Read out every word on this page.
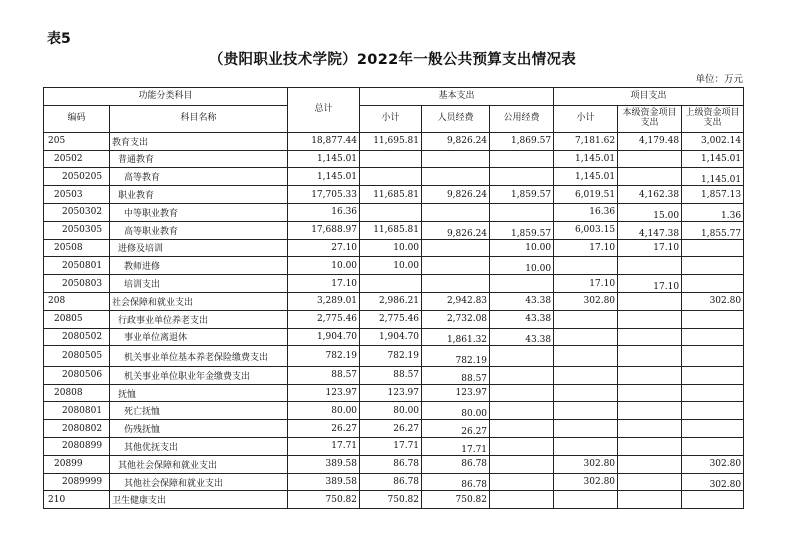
表5
（贵阳职业技术学院）2022年一般公共预算支出情况表
单位：万元
功能分类科目		总计	基本支出			项目支出		
编码	科目名称		小计	人员经费	公用经费	小计	本级资金项目支出	上级资金项目支出
205	教育支出	18,877.44	11,695.81	9,826.24	1,869.57	7,181.62	4,179.48	3,002.14
20502	普通教育	1,145.01				1,145.01		1,145.01
2050205	高等教育	1,145.01				1,145.01		1,145.01
20503	职业教育	17,705.33	11,685.81	9,826.24	1,859.57	6,019.51	4,162.38	1,857.13
2050302	中等职业教育	16.36				16.36	15.00	1.36
2050305	高等职业教育	17,688.97	11,685.81	9,826.24	1,859.57	6,003.15	4,147.38	1,855.77
20508	进修及培训	27.10	10.00		10.00	17.10	17.10	
2050801	教师进修	10.00	10.00		10.00			
2050803	培训支出	17.10				17.10	17.10	
208	社会保障和就业支出	3,289.01	2,986.21	2,942.83	43.38	302.80		302.80
20805	行政事业单位养老支出	2,775.46	2,775.46	2,732.08	43.38			
2080502	事业单位离退休	1,904.70	1,904.70	1,861.32	43.38			
2080505	机关事业单位基本养老保险缴费支出	782.19	782.19	782.19				
2080506	机关事业单位职业年金缴费支出	88.57	88.57	88.57				
20808	抚恤	123.97	123.97	123.97				
2080801	死亡抚恤	80.00	80.00	80.00				
2080802	伤残抚恤	26.27	26.27	26.27				
2080899	其他优抚支出	17.71	17.71	17.71				
20899	其他社会保障和就业支出	389.58	86.78	86.78		302.80		302.80
2089999	其他社会保障和就业支出	389.58	86.78	86.78		302.80		302.80
210	卫生健康支出	750.82	750.82	750.82				
